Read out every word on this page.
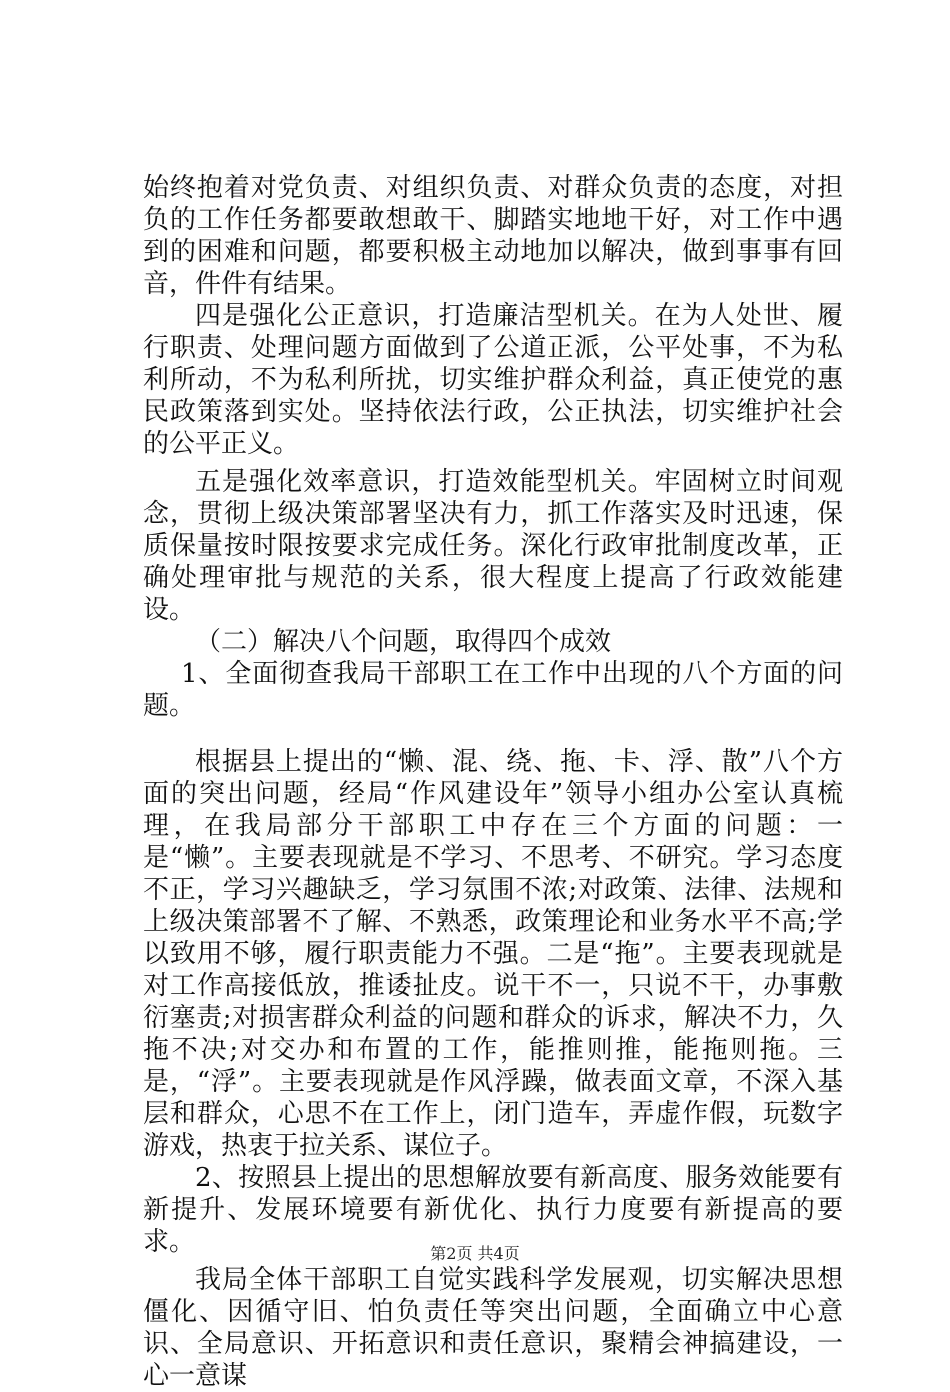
始终抱着对党负责、对组织负责、对群众负责的态度，对担负的工作任务都要敢想敢干、脚踏实地地干好，对工作中遇到的困难和问题，都要积极主动地加以解决，做到事事有回音，件件有结果。

四是强化公正意识，打造廉洁型机关。在为人处世、履行职责、处理问题方面做到了公道正派，公平处事，不为私利所动，不为私利所扰，切实维护群众利益，真正使党的惠民政策落到实处。坚持依法行政，公正执法，切实维护社会的公平正义。

五是强化效率意识，打造效能型机关。牢固树立时间观念，贯彻上级决策部署坚决有力，抓工作落实及时迅速，保质保量按时限按要求完成任务。深化行政审批制度改革，正确处理审批与规范的关系，很大程度上提高了行政效能建设。

（二）解决八个问题，取得四个成效

1、全面彻查我局干部职工在工作中出现的八个方面的问题。

根据县上提出的“懒、混、绕、拖、卡、浮、散”八个方面的突出问题，经局“作风建设年”领导小组办公室认真梳理，在我局部分干部职工中存在三个方面的问题：一是“懒”。主要表现就是不学习、不思考、不研究。学习态度不正，学习兴趣缺乏，学习氛围不浓;对政策、法律、法规和上级决策部署不了解、不熟悉，政策理论和业务水平不高;学以致用不够，履行职责能力不强。二是“拖”。主要表现就是对工作高接低放，推诿扯皮。说干不一，只说不干，办事敷衍塞责;对损害群众利益的问题和群众的诉求，解决不力，久拖不决;对交办和布置的工作，能推则推，能拖则拖。三是，“浮”。主要表现就是作风浮躁，做表面文章，不深入基层和群众，心思不在工作上，闭门造车，弄虚作假，玩数字游戏，热衷于拉关系、谋位子。

2、按照县上提出的思想解放要有新高度、服务效能要有新提升、发展环境要有新优化、执行力度要有新提高的要求。

我局全体干部职工自觉实践科学发展观，切实解决思想僵化、因循守旧、怕负责任等突出问题，全面确立中心意识、全局意识、开拓意识和责任意识，聚精会神搞建设，一心一意谋

第2页 共4页
